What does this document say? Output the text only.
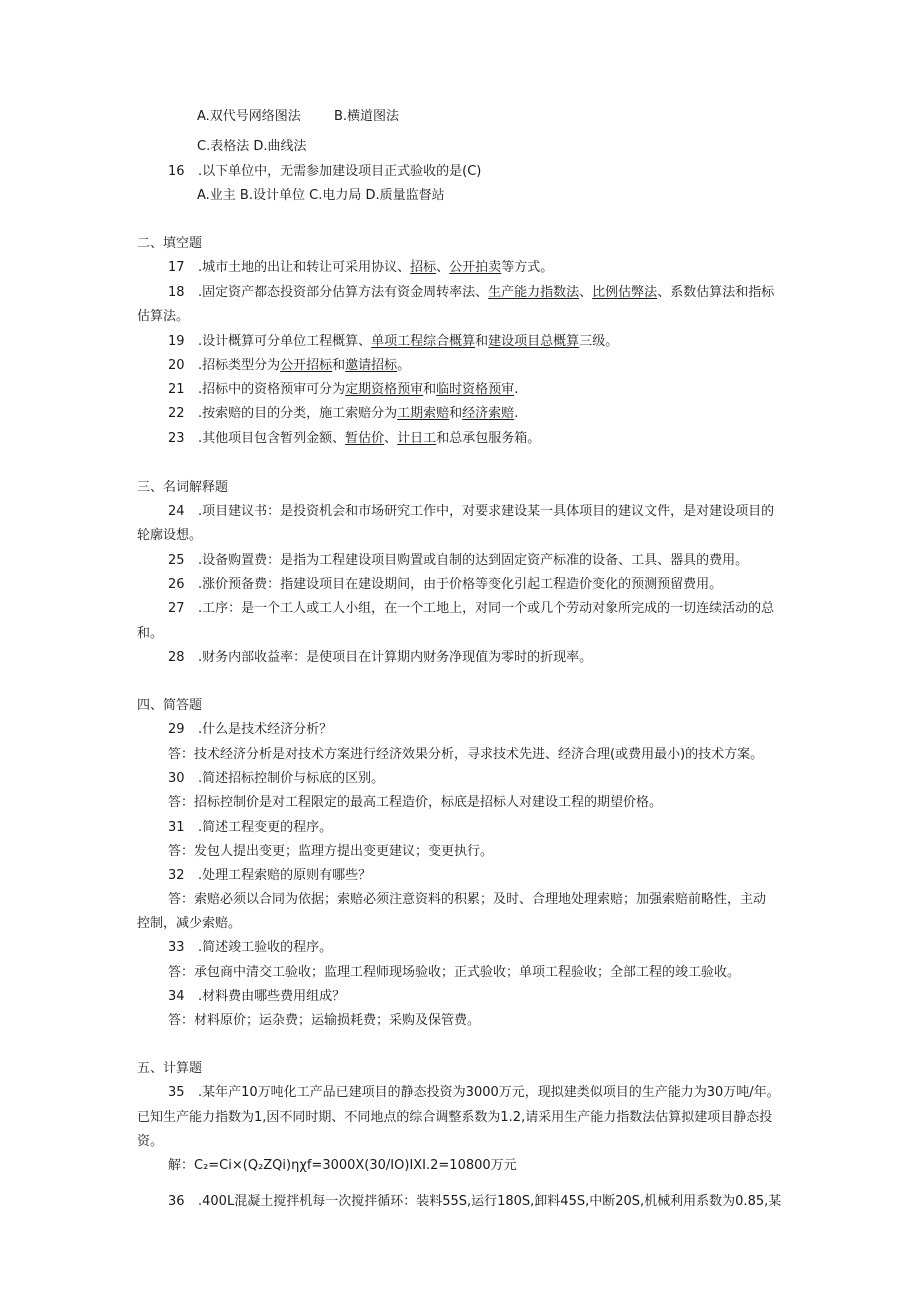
A.双代号网络图法	B.横道图法
C.表格法 D.曲线法
16 .以下单位中，无需参加建设项目正式验收的是(C)
A.业主 B.设计单位 C.电力局 D.质量监督站
二、填空题
17 .城市土地的出让和转让可采用协议、招标、公开拍卖等方式。
18 .固定资产都态投资部分估算方法有资金周转率法、生产能力指数法、比例估弊法、系数估算法和指标
估算法。
19 .设计概算可分单位工程概算、单项工程综合概算和建设项目总概算三级。
20 .招标类型分为公开招标和邀请招标。
21 .招标中的资格预审可分为定期资格预审和临时资格预审.
22 .按索赔的目的分类，施工索赔分为工期索赔和经济索赔.
23 .其他项目包含暂列金额、暂估价、计日工和总承包服务箱。
三、名词解释题
24 .项目建议书：是投资机会和市场研究工作中，对要求建设某一具体项目的建议文件，是对建设项目的
轮廓设想。
25 .设备购置费：是指为工程建设项目购置或自制的达到固定资产标准的设备、工具、器具的费用。
26 .涨价预备费：指建设项目在建设期间，由于价格等变化引起工程造价变化的预测预留费用。
27 .工序：是一个工人或工人小组，在一个工地上，对同一个或几个劳动对象所完成的一切连续活动的总
和。
28 .财务内部收益率：是使项目在计算期内财务净现值为零时的折现率。
四、简答题
29 .什么是技术经济分析？
答：技术经济分析是对技术方案进行经济效果分析，寻求技术先进、经济合理(或费用最小)的技术方案。
30 .简述招标控制价与标底的区别。
答：招标控制价是对工程限定的最高工程造价，标底是招标人对建设工程的期望价格。
31 .简述工程变更的程序。
答：发包人提出变更；监理方提出变更建议；变更执行。
32 .处理工程索赔的原则有哪些？
答：索赔必须以合同为依据；索赔必须注意资料的积累；及时、合理地处理索赔；加强索赔前略性，主动
控制，减少索赔。
33 .简述竣工验收的程序。
答：承包商中清交工验收；监理工程师现场验收；正式验收；单项工程验收；全部工程的竣工验收。
34 .材料费由哪些费用组成？
答：材料原价；运杂费；运输损耗费；采购及保管费。
五、计算题
35 .某年产10万吨化工产品已建项目的静态投资为3000万元，现拟建类似项目的生产能力为30万吨/年。
已知生产能力指数为1,因不同时期、不同地点的综合调整系数为1.2,请采用生产能力指数法估算拟建项目静态投
资。
解：C₂=Ci×(Q₂ZQi)ηχf=3000X(30/IO)IXI.2=10800万元
36 .400L混凝土搅拌机每一次搅拌循环：装料55S,运行180S,卸料45S,中断20S,机械利用系数为0.85,某
